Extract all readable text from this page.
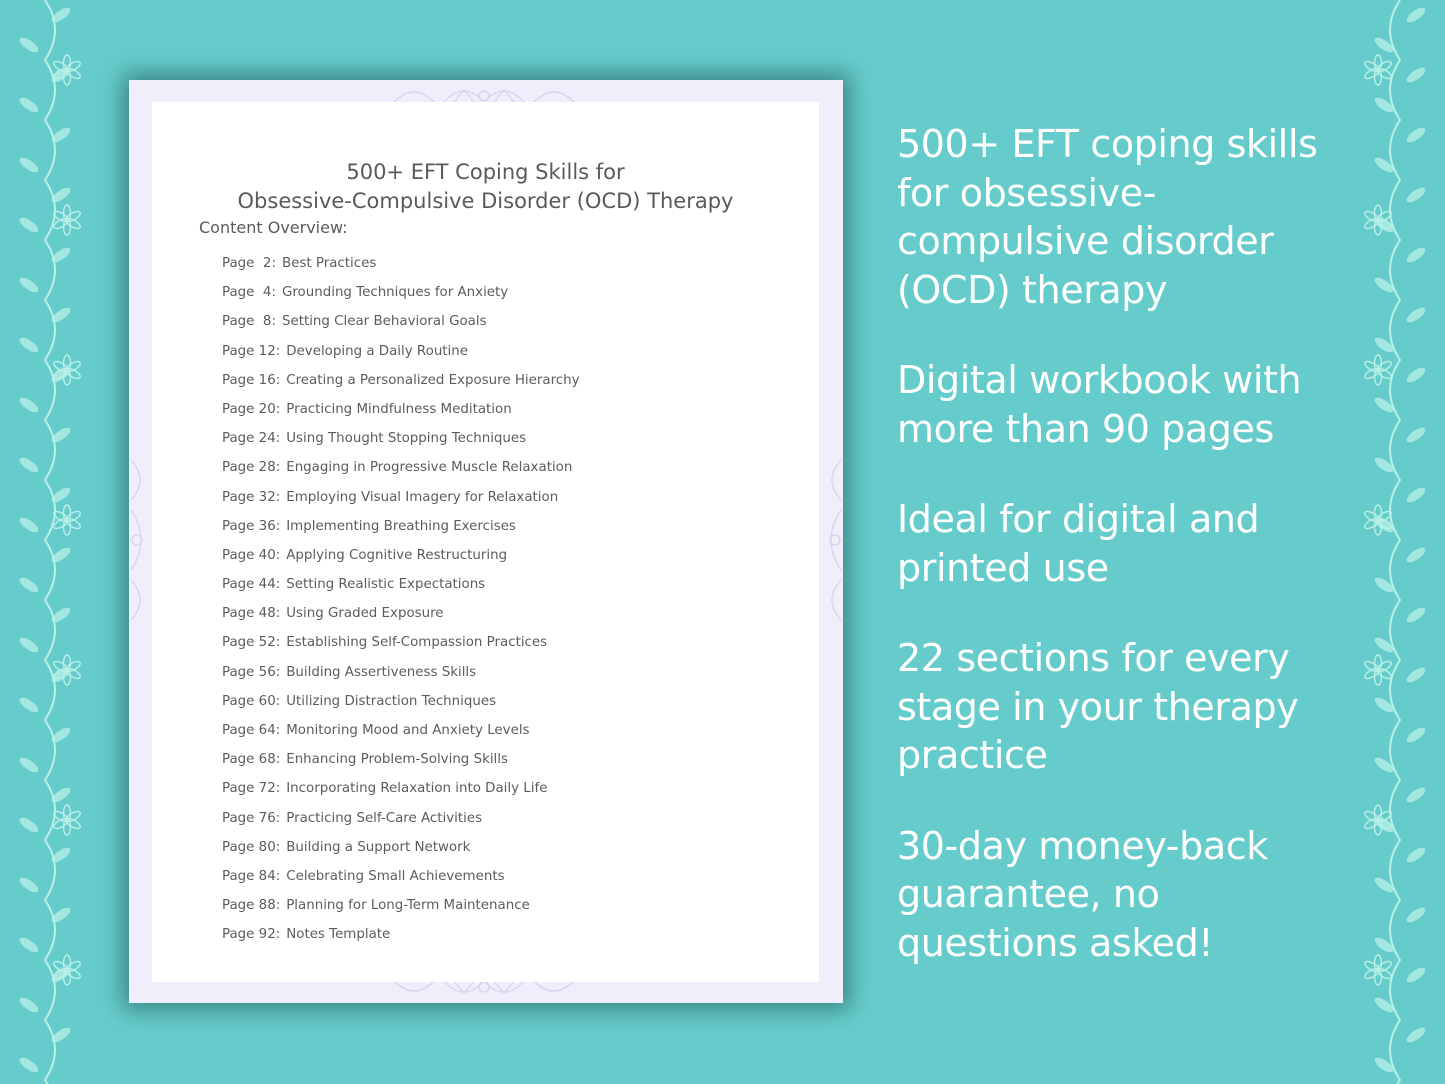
500+ EFT Coping Skills for
Obsessive-Compulsive Disorder (OCD) Therapy
Content Overview:
Page  2: Best Practices
Page  4: Grounding Techniques for Anxiety
Page  8: Setting Clear Behavioral Goals
Page 12: Developing a Daily Routine
Page 16: Creating a Personalized Exposure Hierarchy
Page 20: Practicing Mindfulness Meditation
Page 24: Using Thought Stopping Techniques
Page 28: Engaging in Progressive Muscle Relaxation
Page 32: Employing Visual Imagery for Relaxation
Page 36: Implementing Breathing Exercises
Page 40: Applying Cognitive Restructuring
Page 44: Setting Realistic Expectations
Page 48: Using Graded Exposure
Page 52: Establishing Self-Compassion Practices
Page 56: Building Assertiveness Skills
Page 60: Utilizing Distraction Techniques
Page 64: Monitoring Mood and Anxiety Levels
Page 68: Enhancing Problem-Solving Skills
Page 72: Incorporating Relaxation into Daily Life
Page 76: Practicing Self-Care Activities
Page 80: Building a Support Network
Page 84: Celebrating Small Achievements
Page 88: Planning for Long-Term Maintenance
Page 92: Notes Template
500+ EFT coping skills
for obsessive-
compulsive disorder
(OCD) therapy
Digital workbook with
more than 90 pages
Ideal for digital and
printed use
22 sections for every
stage in your therapy
practice
30-day money-back
guarantee, no
questions asked!
